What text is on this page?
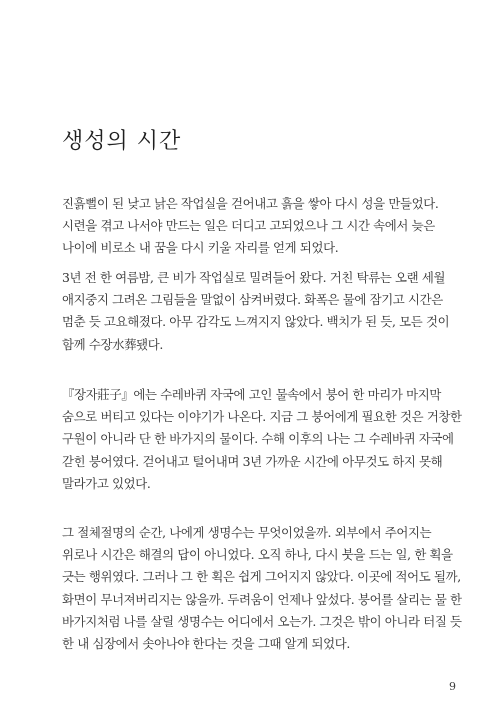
생성의 시간
진흙뻘이 된 낮고 낡은 작업실을 걷어내고 흙을 쌓아 다시 성을 만들었다.
시련을 겪고 나서야 만드는 일은 더디고 고되었으나 그 시간 속에서 늦은
나이에 비로소 내 꿈을 다시 키울 자리를 얻게 되었다.
3년 전 한 여름밤, 큰 비가 작업실로 밀려들어 왔다. 거친 탁류는 오랜 세월
애지중지 그려온 그림들을 말없이 삼켜버렸다. 화폭은 물에 잠기고 시간은
멈춘 듯 고요해졌다. 아무 감각도 느껴지지 않았다. 백치가 된 듯, 모든 것이
함께 수장水葬됐다.
『장자莊子』에는 수레바퀴 자국에 고인 물속에서 붕어 한 마리가 마지막
숨으로 버티고 있다는 이야기가 나온다. 지금 그 붕어에게 필요한 것은 거창한
구원이 아니라 단 한 바가지의 물이다. 수해 이후의 나는 그 수레바퀴 자국에
갇힌 붕어였다. 걷어내고 털어내며 3년 가까운 시간에 아무것도 하지 못해
말라가고 있었다.
그 절체절명의 순간, 나에게 생명수는 무엇이었을까. 외부에서 주어지는
위로나 시간은 해결의 답이 아니었다. 오직 하나, 다시 붓을 드는 일, 한 획을
긋는 행위였다. 그러나 그 한 획은 쉽게 그어지지 않았다. 이곳에 적어도 될까,
화면이 무너져버리지는 않을까. 두려움이 언제나 앞섰다. 붕어를 살리는 물 한
바가지처럼 나를 살릴 생명수는 어디에서 오는가. 그것은 밖이 아니라 터질 듯
한 내 심장에서 솟아나야 한다는 것을 그때 알게 되었다.
9
